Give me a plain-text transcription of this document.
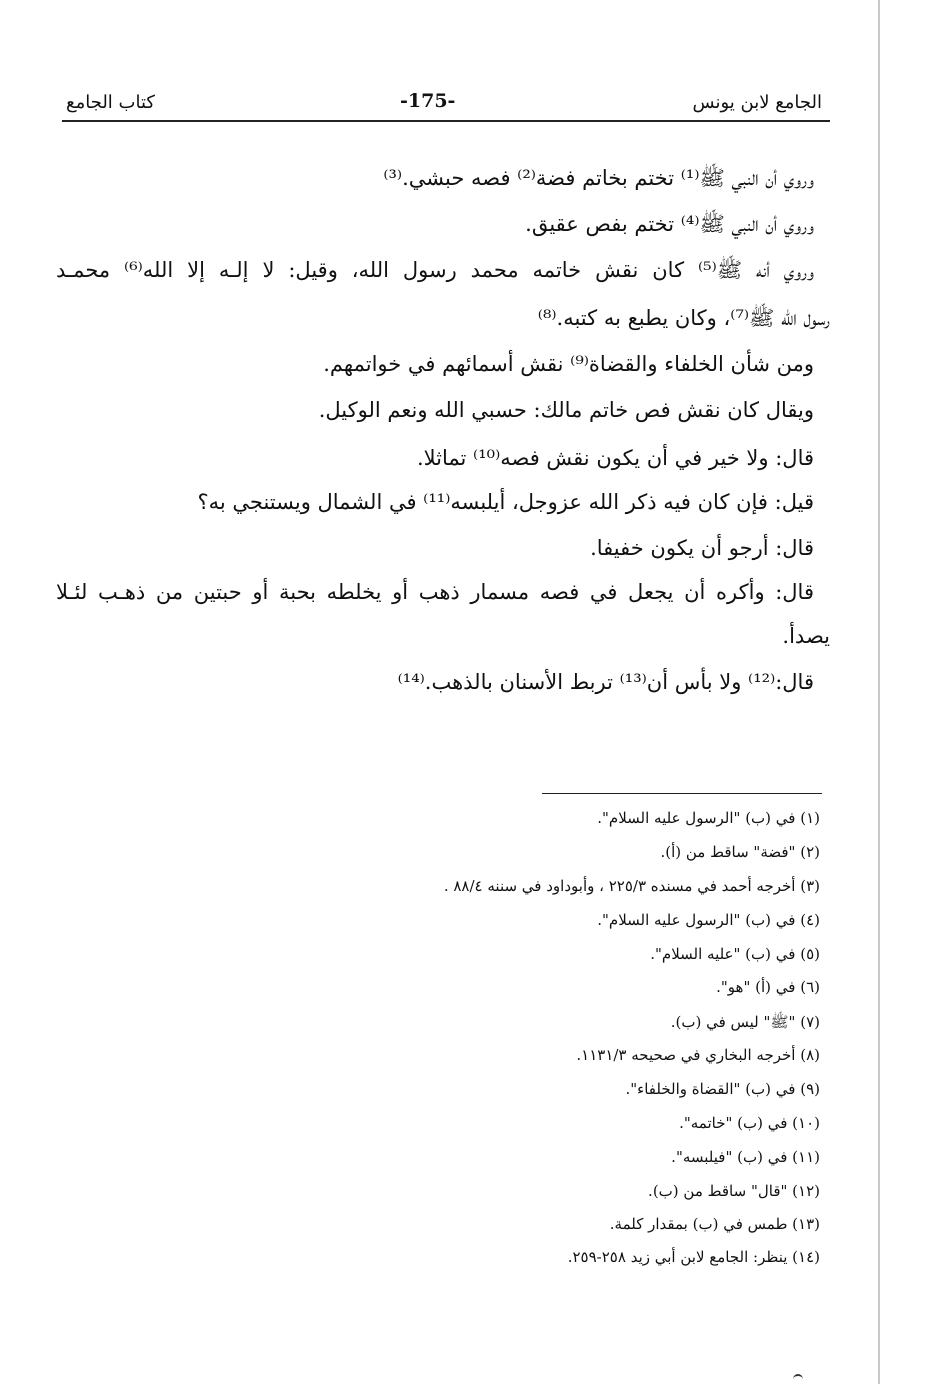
الجامع لابن يونس
-175-
كتاب الجامع
وروي أن النبي ﷺ⁽¹⁾ تختم بخاتم فضة⁽²⁾ فصه حبشي.⁽³⁾
وروي أن النبي ﷺ⁽⁴⁾ تختم بفص عقيق.
وروي أنه ﷺ⁽⁵⁾ كان نقش خاتمه محمد رسول الله، وقيل: لا إلـه إلا الله⁽⁶⁾ محمـد
رسول الله ﷺ⁽⁷⁾، وكان يطبع به كتبه.⁽⁸⁾
ومن شأن الخلفاء والقضاة⁽⁹⁾ نقش أسمائهم في خواتمهم.
ويقال كان نقش فص خاتم مالك: حسبي الله ونعم الوكيل.
قال: ولا خير في أن يكون نقش فصه⁽¹⁰⁾ تماثلا.
قيل: فإن كان فيه ذكر الله عزوجل، أيلبسه⁽¹¹⁾ في الشمال ويستنجي به؟
قال: أرجو أن يكون خفيفا.
قال: وأكره أن يجعل في فصه مسمار ذهب أو يخلطه بحبة أو حبتين من ذهـب لئـلا
يصدأ.
قال:⁽¹²⁾ ولا بأس أن⁽¹³⁾ تربط الأسنان بالذهب.⁽¹⁴⁾
(١) في (ب) "الرسول عليه السلام".
(٢) "فضة" ساقط من (أ).
(٣) أخرجه أحمد في مسنده ٢٢٥/٣ ، وأبوداود في سننه ٨٨/٤ .
(٤) في (ب) "الرسول عليه السلام".
(٥) في (ب) "عليه السلام".
(٦) في (أ) "هو".
(٧) "ﷺ" ليس في (ب).
(٨) أخرجه البخاري في صحيحه ١١٣١/٣.
(٩) في (ب) "القضاة والخلفاء".
(١٠) في (ب) "خاتمه".
(١١) في (ب) "فيلبسه".
(١٢) "قال" ساقط من (ب).
(١٣) طمس في (ب) بمقدار كلمة.
(١٤) ينظر: الجامع لابن أبي زيد ٢٥٨-٢٥٩.
